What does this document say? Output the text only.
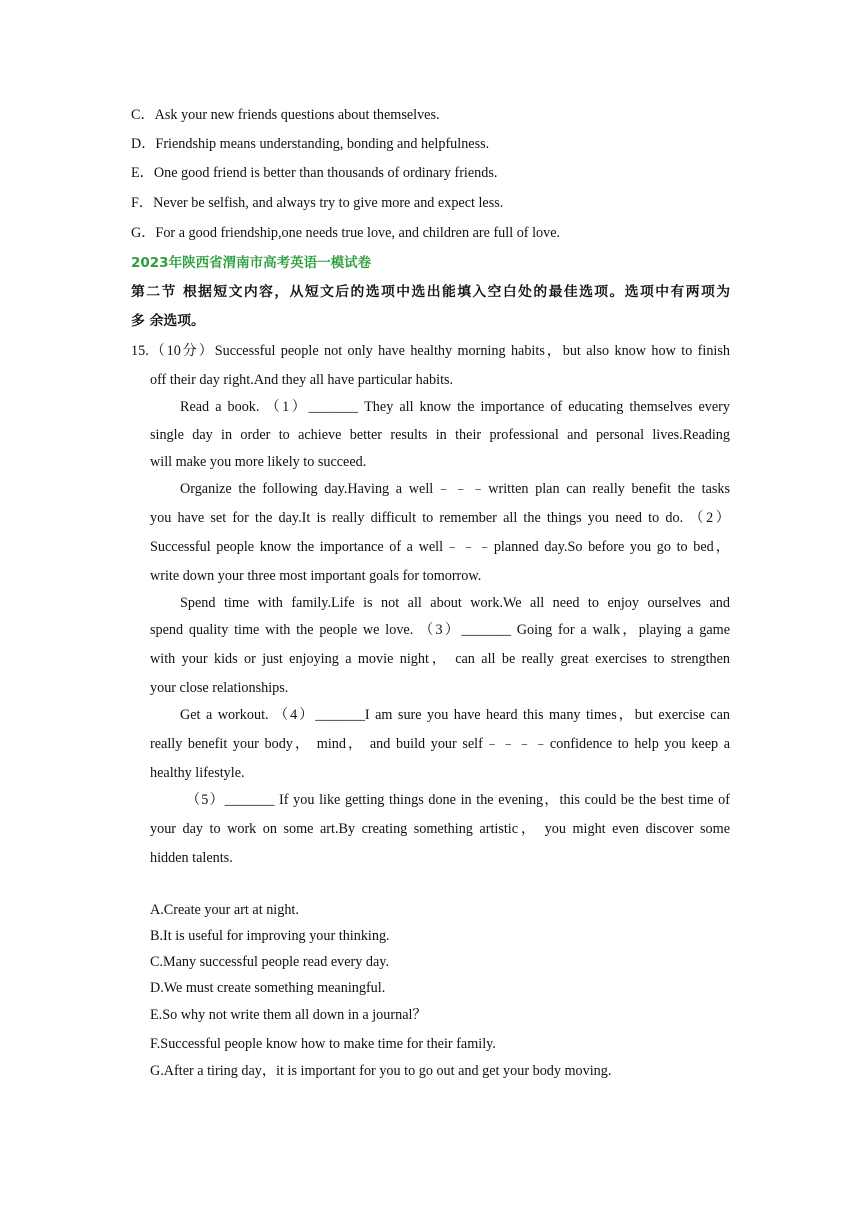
C．Ask your new friends questions about themselves.
D．Friendship means understanding, bonding and helpfulness.
E．One good friend is better than thousands of ordinary friends.
F．Never be selfish, and always try to give more and expect less.
G．For a good friendship,one needs true love, and children are full of love.
2023年陕西省渭南市高考英语一模试卷
第二节 根据短文内容，从短文后的选项中选出能填入空白处的最佳选项。选项中有两项为
多 余选项。
15.（10分）Successful people not only have healthy morning habits，but also know how to finish
off their day right.And they all have particular habits.
Read a book. （1）_______ They all know the importance of educating themselves every
single day in order to achieve better results in their professional and personal lives.Reading
will make you more likely to succeed.
Organize the following day.Having a well﹣﹣﹣written plan can really benefit the tasks
you have set for the day.It is really difficult to remember all the things you need to do. （2）
Successful people know the importance of a well﹣﹣﹣planned day.So before you go to bed，
write down your three most important goals for tomorrow.
Spend time with family.Life is not all about work.We all need to enjoy ourselves and
spend quality time with the people we love. （3）_______ Going for a walk，playing a game
with your kids or just enjoying a movie night， can all be really great exercises to strengthen
your close relationships.
Get a workout. （4）_______I am sure you have heard this many times，but exercise can
really benefit your body， mind， and build your self﹣﹣﹣﹣confidence to help you keep a
healthy lifestyle.
（5）_______ If you like getting things done in the evening，this could be the best time of
your day to work on some art.By creating something artistic， you might even discover some
hidden talents.
A.Create your art at night.
B.It is useful for improving your thinking.
C.Many successful people read every day.
D.We must create something meaningful.
E.So why not write them all down in a journal？
F.Successful people know how to make time for their family.
G.After a tiring day，it is important for you to go out and get your body moving.
